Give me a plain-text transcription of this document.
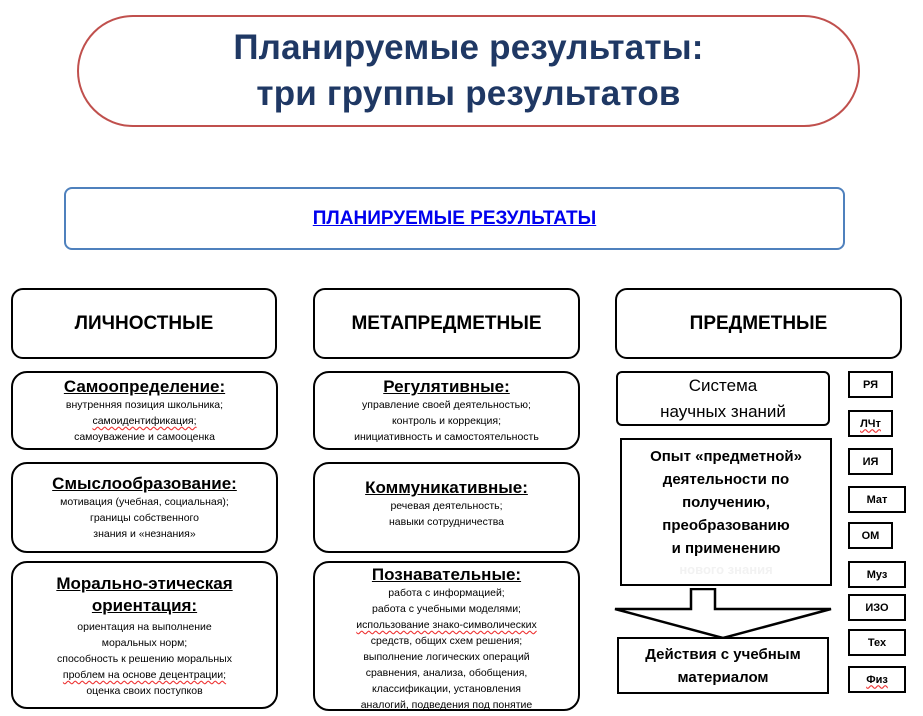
Планируемые результаты:
три группы результатов
ПЛАНИРУЕМЫЕ РЕЗУЛЬТАТЫ
ЛИЧНОСТНЫЕ	МЕТАПРЕДМЕТНЫЕ	ПРЕДМЕТНЫЕ
Самоопределение:
внутренняя позиция школьника;
самоидентификация;
самоуважение и самооценка
Смыслообразование:
мотивация (учебная, социальная);
границы собственного
знания и «незнания»
Морально-этическая
ориентация:
ориентация на выполнение
моральных норм;
способность к решению моральных
проблем на основе децентрации;
оценка своих поступков
Регулятивные:
управление своей деятельностью;
контроль и коррекция;
инициативность и самостоятельность
Коммуникативные:
речевая деятельность;
навыки сотрудничества
Познавательные:
работа с информацией;
работа с учебными моделями;
использование знако-символических
средств, общих схем решения;
выполнение логических операций
сравнения, анализа, обобщения,
классификации, установления
аналогий, подведения под понятие
Система
научных знаний
Опыт «предметной»
деятельности по
получению,
преобразованию
и применению
нового знания
Действия с учебным
материалом
РЯ
ЛЧт
ИЯ
Мат
ОМ
Муз
ИЗО
Тех
Физ
